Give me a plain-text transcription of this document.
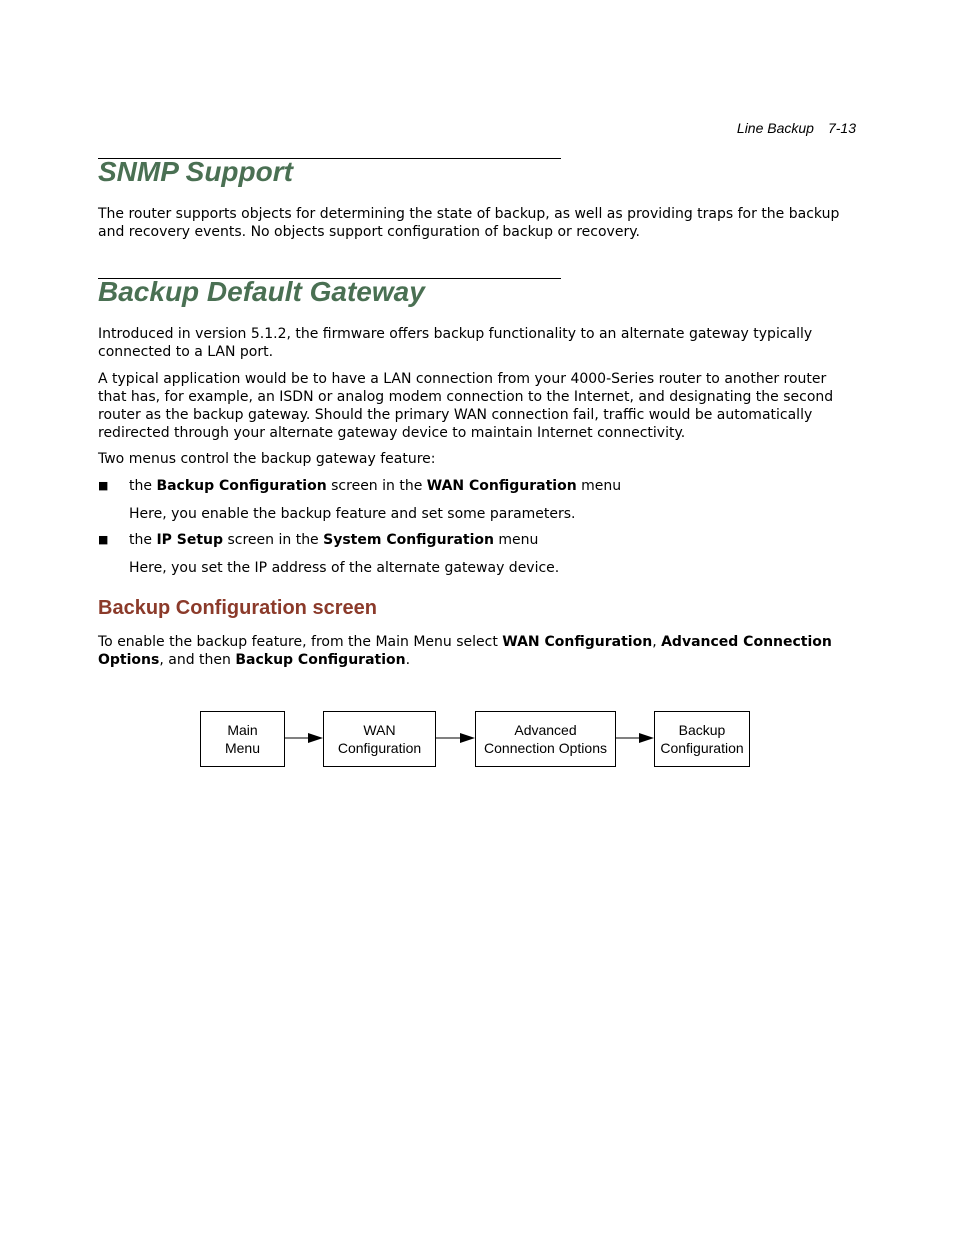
Line Backup 7-13
SNMP Support

The router supports objects for determining the state of backup, as well as providing traps for the backup and recovery events. No objects support configuration of backup or recovery.

Backup Default Gateway

Introduced in version 5.1.2, the firmware offers backup functionality to an alternate gateway typically connected to a LAN port.

A typical application would be to have a LAN connection from your 4000-Series router to another router that has, for example, an ISDN or analog modem connection to the Internet, and designating the second router as the backup gateway. Should the primary WAN connection fail, traffic would be automatically redirected through your alternate gateway device to maintain Internet connectivity.

Two menus control the backup gateway feature:

■ the Backup Configuration screen in the WAN Configuration menu
Here, you enable the backup feature and set some parameters.
■ the IP Setup screen in the System Configuration menu
Here, you set the IP address of the alternate gateway device.
Backup Configuration screen

To enable the backup feature, from the Main Menu select WAN Configuration, Advanced Connection Options, and then Backup Configuration.

Main
Menu
WAN
Configuration
Advanced
Connection Options
Backup
Configuration
